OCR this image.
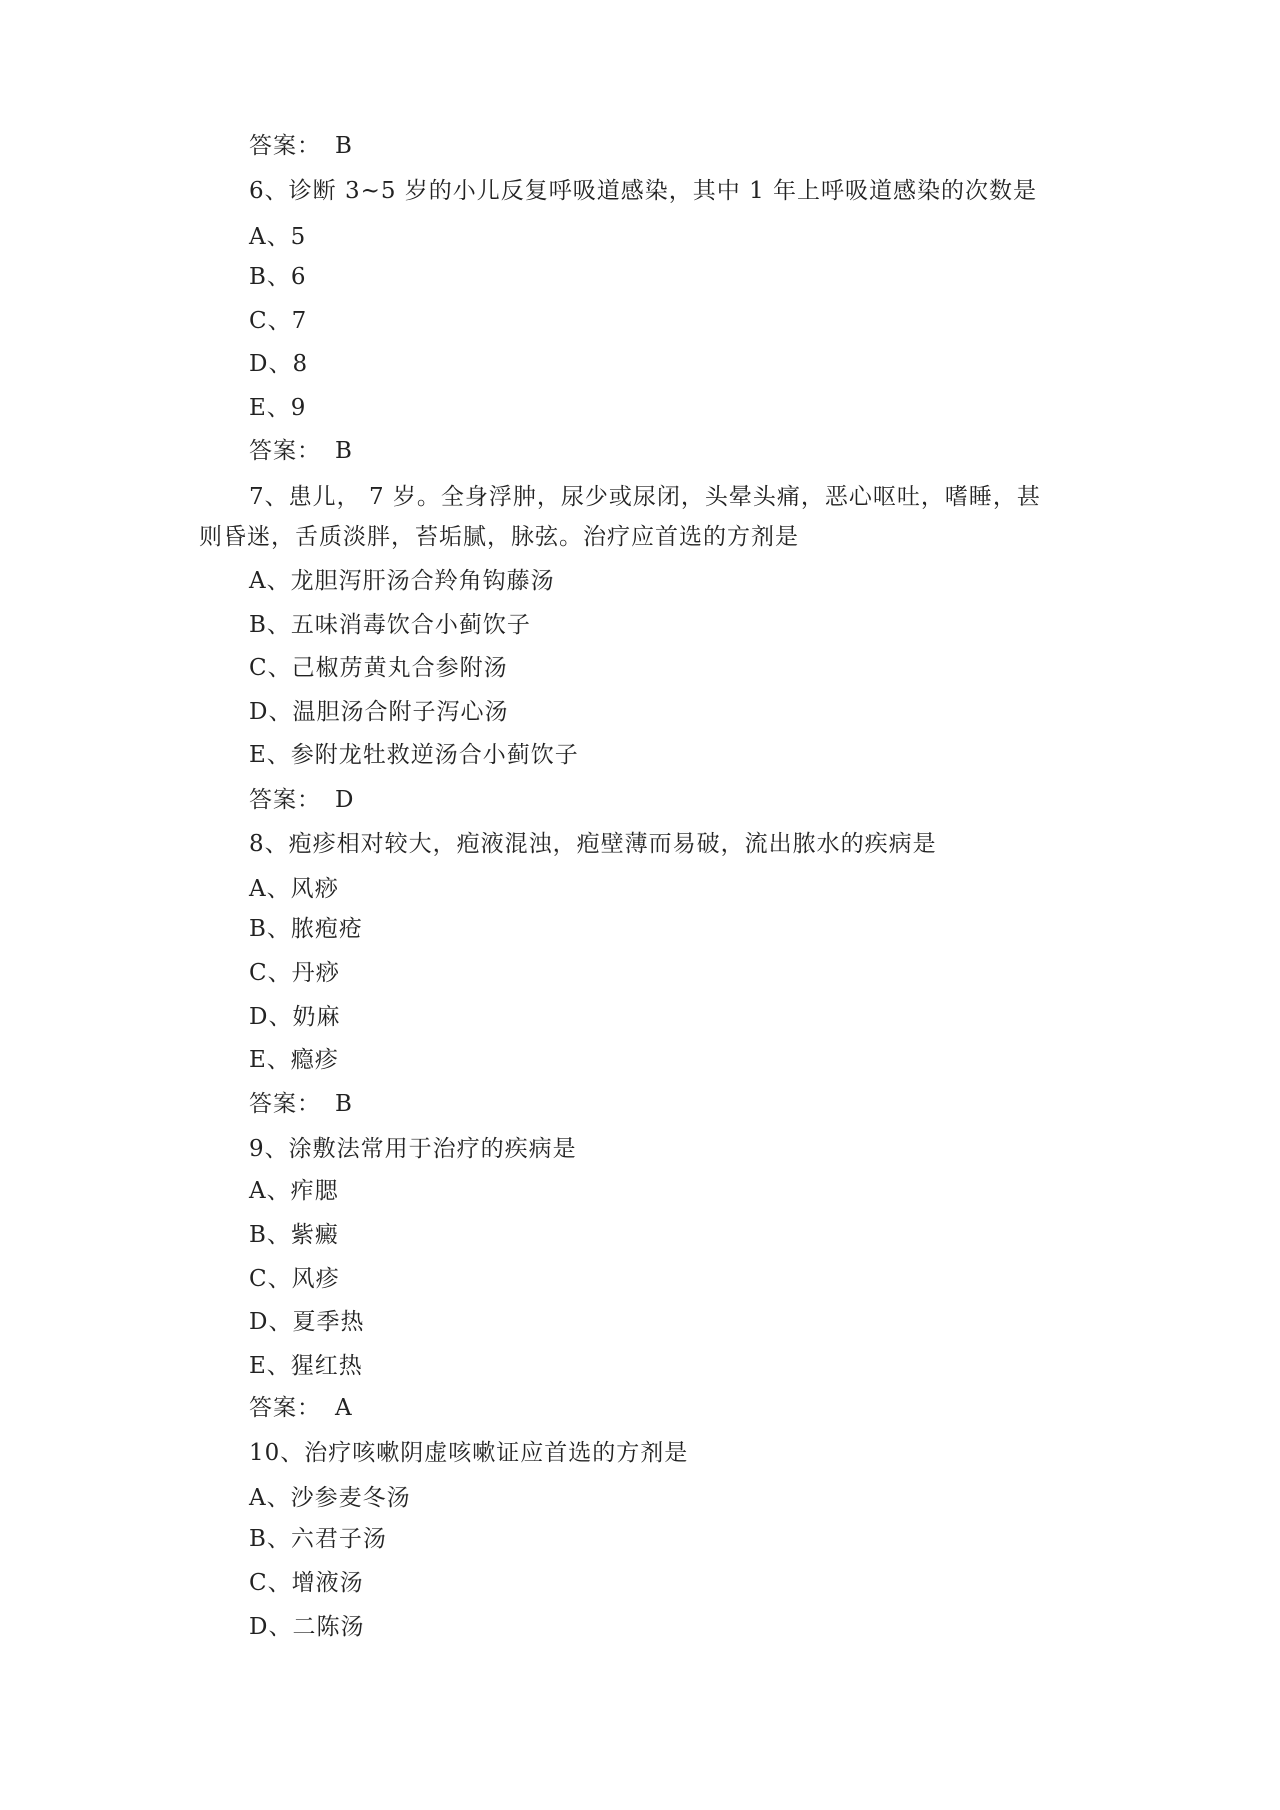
答案： B
6、诊断 3~5 岁的小儿反复呼吸道感染，其中 1 年上呼吸道感染的次数是
A、5
B、6
C、7
D、8
E、9
答案： B
7、患儿， 7 岁。全身浮肿，尿少或尿闭，头晕头痛，恶心呕吐，嗜睡，甚
则昏迷，舌质淡胖，苔垢腻，脉弦。治疗应首选的方剂是
A、龙胆泻肝汤合羚角钩藤汤
B、五味消毒饮合小蓟饮子
C、己椒苈黄丸合参附汤
D、温胆汤合附子泻心汤
E、参附龙牡救逆汤合小蓟饮子
答案： D
8、疱疹相对较大，疱液混浊，疱壁薄而易破，流出脓水的疾病是
A、风痧
B、脓疱疮
C、丹痧
D、奶麻
E、瘾疹
答案： B
9、涂敷法常用于治疗的疾病是
A、痄腮
B、紫癜
C、风疹
D、夏季热
E、猩红热
答案： A
10、治疗咳嗽阴虚咳嗽证应首选的方剂是
A、沙参麦冬汤
B、六君子汤
C、增液汤
D、二陈汤
